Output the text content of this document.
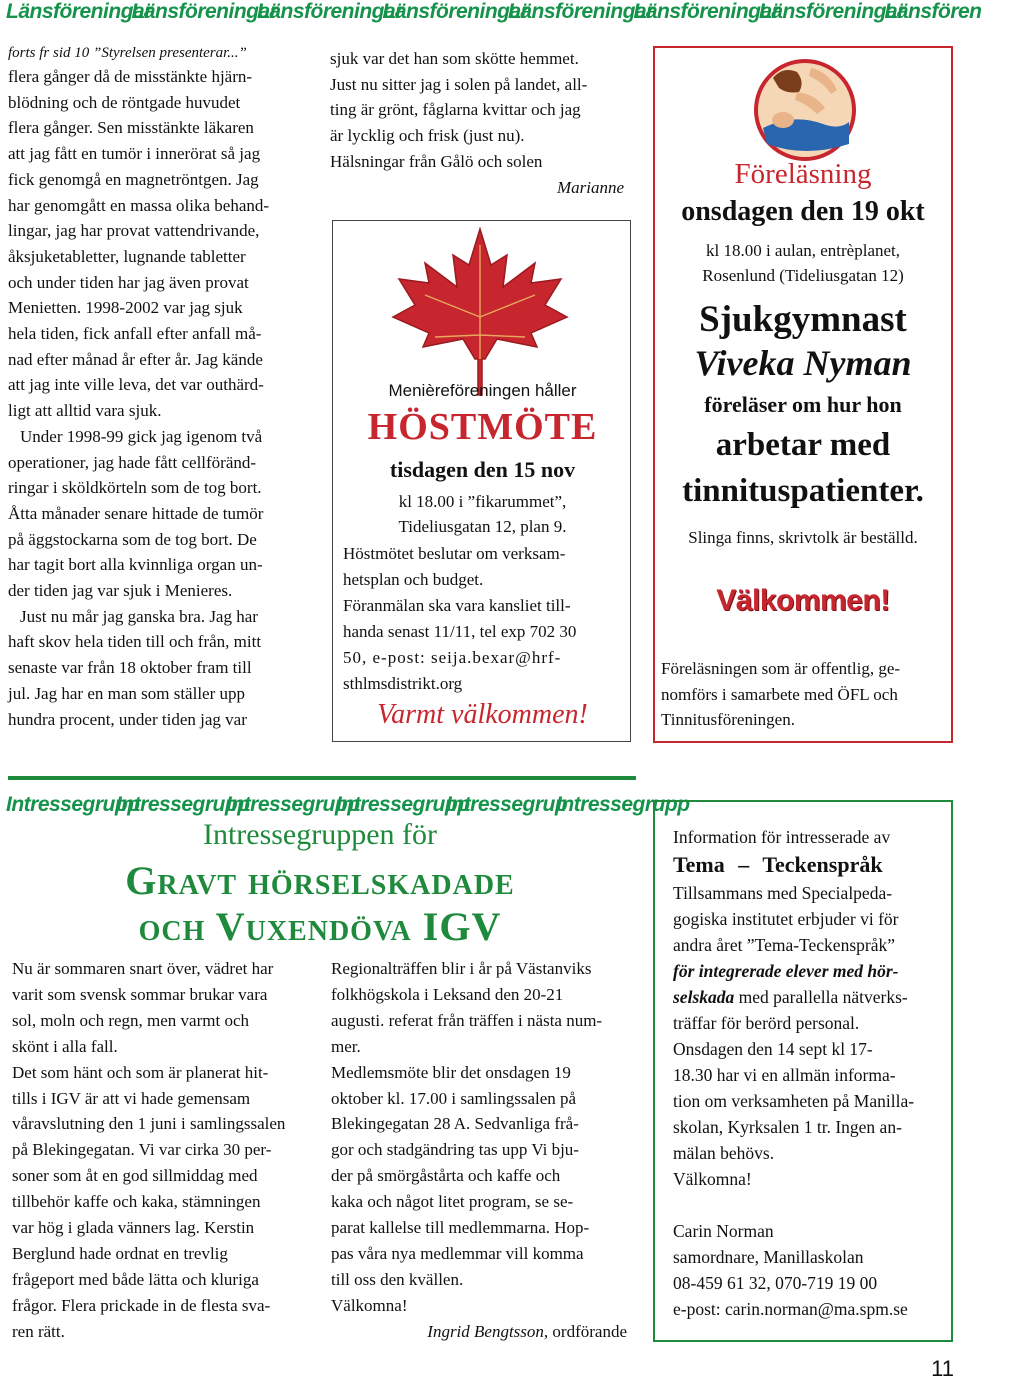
LänsföreningarLänsföreningarLänsföreningarLänsföreningarLänsföreningarLänsföreningarLänsföreningarLänsfören

forts fr sid 10 ”Styrelsen presenterar...”

flera gånger då de misstänkte hjärn-

blödning och de röntgade huvudet

flera gånger. Sen misstänkte läkaren

att jag fått en tumör i innerörat så jag

fick genomgå en magnetröntgen. Jag

har genomgått en massa olika behand-

lingar, jag har provat vattendrivande,

åksjuketabletter, lugnande tabletter

och under tiden har jag även provat

Menietten. 1998-2002 var jag sjuk

hela tiden, fick anfall efter anfall må-

nad efter månad år efter år. Jag kände

att jag inte ville leva, det var outhärd-

ligt att alltid vara sjuk.

Under 1998-99 gick jag igenom två

operationer, jag hade fått cellföränd-

ringar i sköldkörteln som de tog bort.

Åtta månader senare hittade de tumör

på äggstockarna som de tog bort. De

har tagit bort alla kvinnliga organ un-

der tiden jag var sjuk i Menieres.

Just nu mår jag ganska bra. Jag har

haft skov hela tiden till och från, mitt

senaste var från 18 oktober fram till

jul. Jag har en man som ställer upp

hundra procent, under tiden jag var

sjuk var det han som skötte hemmet.

Just nu sitter jag i solen på landet, all-

ting är grönt, fåglarna kvittar och jag

är lycklig och frisk (just nu).

Hälsningar från Gålö och solen

Marianne

Menièreföreningen håller
HÖSTMÖTE
tisdagen den 15 nov
kl 18.00 i ”fikarummet”,
Tideliusgatan 12, plan 9.
Höstmötet beslutar om verksam-
hetsplan och budget.
Föranmälan ska vara kansliet till-
handa senast 11/11, tel exp 702 30
50, e-post: seija.bexar@hrf-
sthlmsdistrikt.org
Varmt välkommen!
Föreläsning
onsdagen den 19 okt
kl 18.00 i aulan, entrèplanet,
Rosenlund (Tideliusgatan 12)
Sjukgymnast
Viveka Nyman
föreläser om hur hon
arbetar med
tinnituspatienter.
Slinga finns, skrivtolk är beställd.
Välkommen!
Föreläsningen som är offentlig, ge-
nomförs i samarbete med ÖFL och
Tinnitusföreningen.
IntressegruppIntressegruppIntressegruppIntressegruppIntressegrupIntressegrupp
Intressegruppen för
Gravt hörselskadade
och Vuxendöva IGV

Nu är sommaren snart över, vädret har

varit som svensk sommar brukar vara

sol, moln och regn, men varmt och

skönt i alla fall.

Det som hänt och som är planerat hit-

tills i IGV är att vi hade gemensam

våravslutning den 1 juni i samlingssalen

på Blekingegatan. Vi var cirka 30 per-

soner som åt en god sillmiddag med

tillbehör kaffe och kaka, stämningen

var hög i glada vänners lag. Kerstin

Berglund hade ordnat en trevlig

frågeport med både lätta och kluriga

frågor. Flera prickade in de flesta sva-

ren rätt.

Regionalträffen blir i år på Västanviks

folkhögskola i Leksand den 20-21

augusti. referat från träffen i nästa num-

mer.

Medlemsmöte blir det onsdagen 19

oktober kl. 17.00 i samlingssalen på

Blekingegatan 28 A. Sedvanliga frå-

gor och stadgändring tas upp Vi bju-

der på smörgåstårta och kaffe och

kaka och något litet program, se se-

parat kallelse till medlemmarna. Hop-

pas våra nya medlemmar vill komma

till oss den kvällen.

Välkomna!

Ingrid Bengtsson, ordförande

Information för intresserade av

Tema – Teckenspråk

Tillsammans med Specialpeda-

gogiska institutet erbjuder vi för

andra året ”Tema-Teckenspråk”

för integrerade elever med hör-

selskada med parallella nätverks-

träffar för berörd personal.

Onsdagen den 14 sept kl 17-

18.30 har vi en allmän informa-

tion om verksamheten på Manilla-

skolan, Kyrksalen 1 tr. Ingen an-

mälan behövs.

Välkomna!

Carin Norman

samordnare, Manillaskolan

08-459 61 32, 070-719 19 00

e-post: carin.norman@ma.spm.se

11
